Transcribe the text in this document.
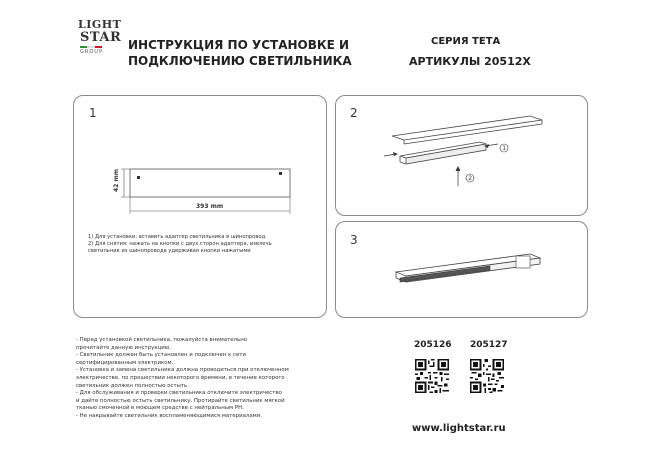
LIGHT
STAR
GROUP ИНСТРУКЦИЯ ПО УСТАНОВКЕ И
ПОДКЛЮЧЕНИЮ СВЕТИЛЬНИКА
СЕРИЯ ТЕТА
АРТИКУЛЫ 20512X
1
42 mm
393 mm
1) Для установки: вставить адаптер светильника в шинопровод
2) Для снятия: нажать на кнопки с двух сторон адаптера, извлечь
светильник из шинопровода удерживая кнопки нажатыми
2
1
2
3
- Перед установкой светильника, пожалуйста внимательно
прочитайте данную инструкцию.
- Светильник должен быть установлен и подключен к сети
сертифицированным электриком.
- Установка и замена светильника должна проводиться при отключенном
электричестве, по прошествии некоторого времени, в течение которого
светильник должен полностью остыть.
- Для обслуживания и проверки светильника отключите электричество
и дайте полностью остыть светильнику. Протирайте светильник мягкой
тканью смоченной в моющем средстве с нейтральным PH.
- Не накрывайте светильник воспламеняющимися материалами.
205126 205127
www.lightstar.ru
